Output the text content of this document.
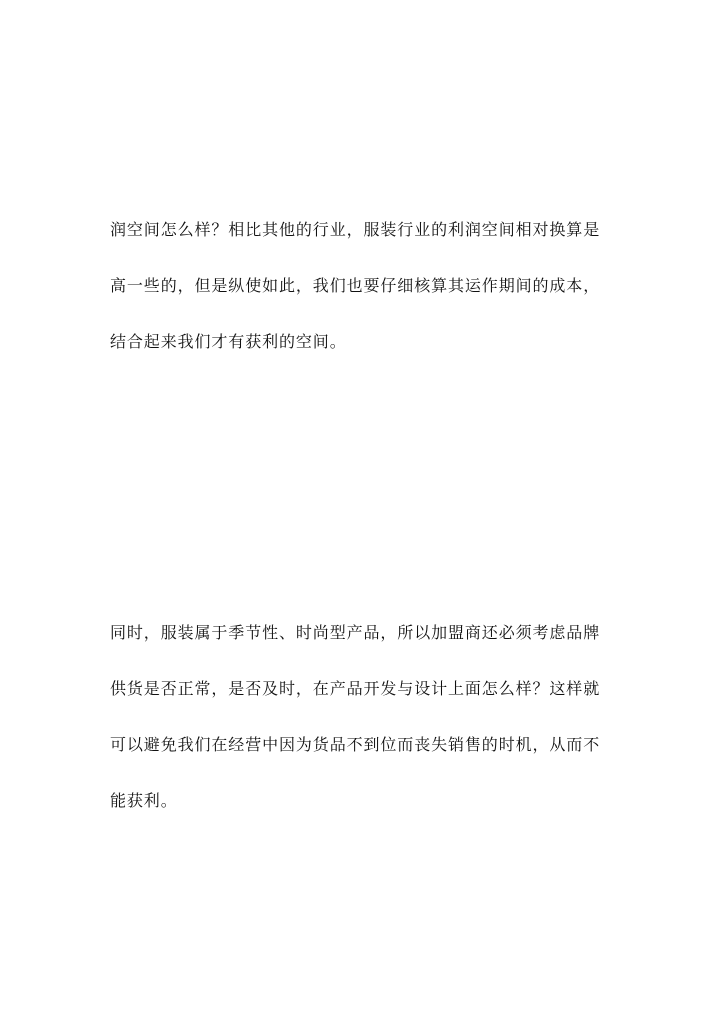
润空间怎么样？相比其他的行业，服装行业的利润空间相对换算是
高一些的，但是纵使如此，我们也要仔细核算其运作期间的成本，
结合起来我们才有获利的空间。

同时，服装属于季节性、时尚型产品，所以加盟商还必须考虑品牌
供货是否正常，是否及时，在产品开发与设计上面怎么样？这样就
可以避免我们在经营中因为货品不到位而丧失销售的时机，从而不
能获利。
